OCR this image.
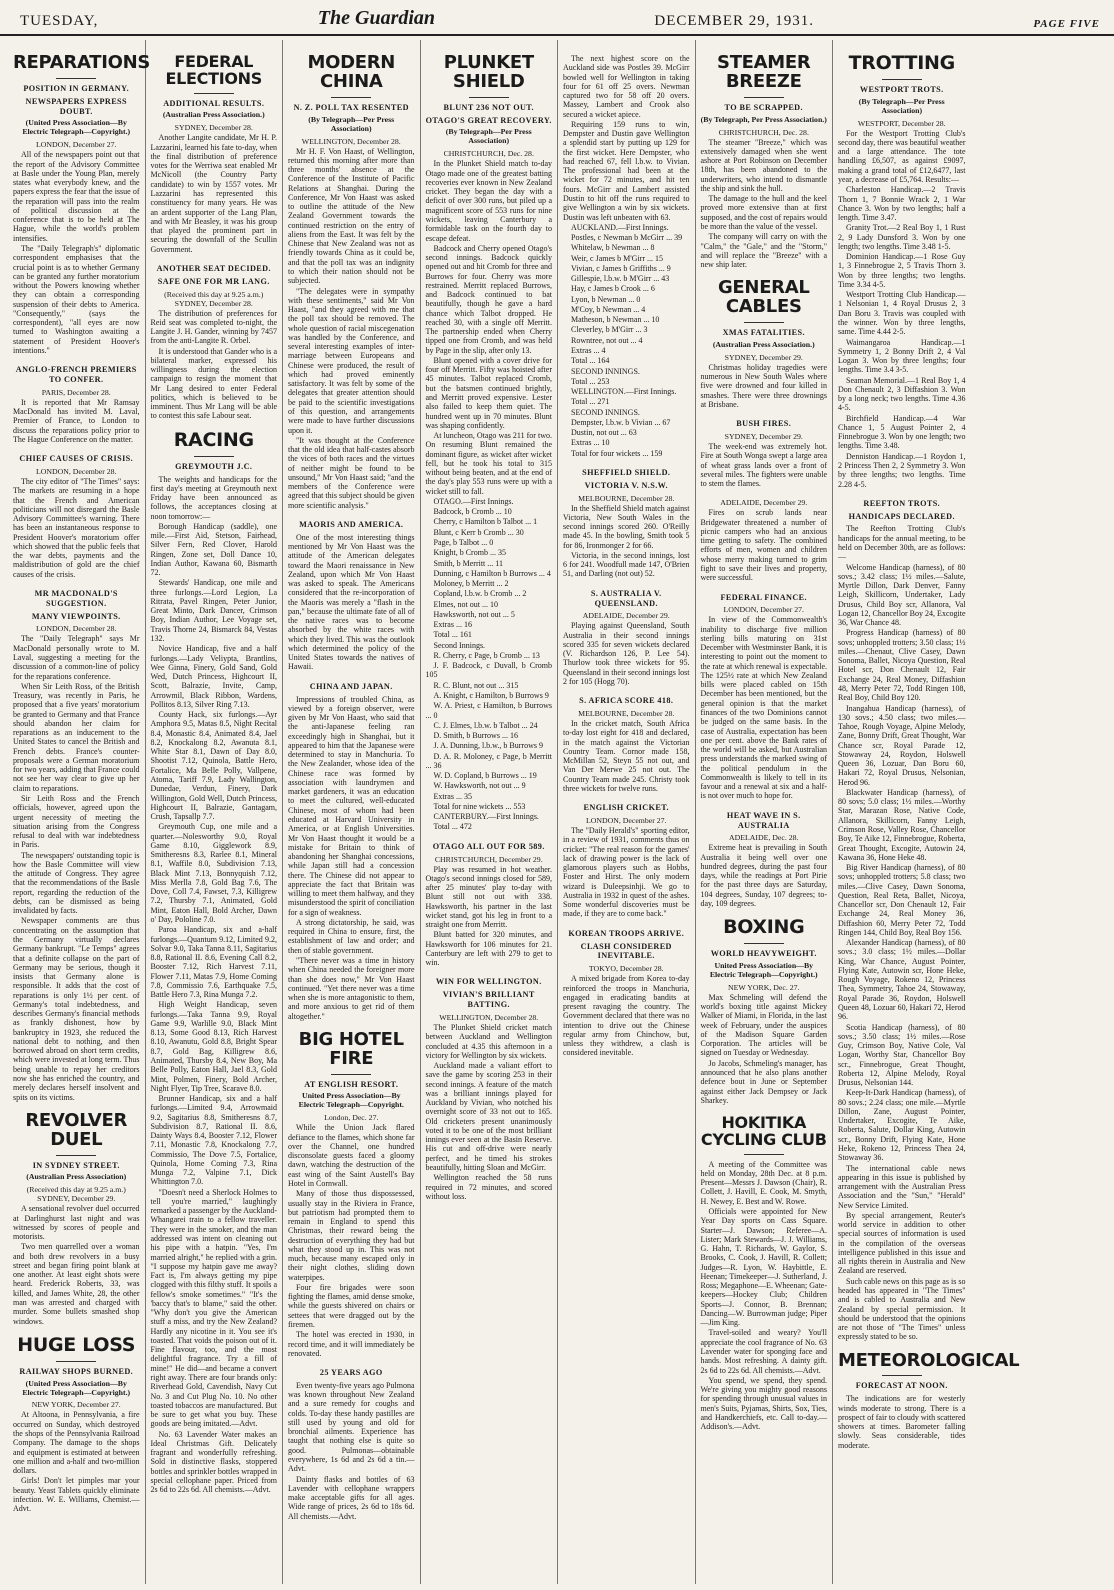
TUESDAY,	The Guardian	DECEMBER 29, 1931.	PAGE FIVE
REPARATIONS
POSITION IN GERMANY.
NEWSPAPERS EXPRESS DOUBT.
(United Press Association—By Electric Telegraph—Copyright.)
LONDON, December 27.

All of the newspapers point out that the report of the Advisory Committee at Basle under the Young Plan, merely states what everybody knew, and the papers express the fear that the issue of the reparation will pass into the realm of political discussion at the conference that is to be held at The Hague, while the world's problem intensifies.

The "Daily Telegraph's" diplomatic correspondent emphasises that the crucial point is as to whether Germany can be granted any further moratorium without the Powers knowing whether they can obtain a corresponding suspension of their debts to America. "Consequently," (says the correspondent), "all eyes are now turned to Washington awaiting a statement of President Hoover's intentions."

ANGLO-FRENCH PREMIERS TO CONFER.
PARIS, December 28.

It is reported that Mr Ramsay MacDonald has invited M. Laval, Premier of France, to London to discuss the reparations policy prior to The Hague Conference on the matter.

CHIEF CAUSES OF CRISIS.
LONDON, December 28.

The city editor of "The Times" says: The markets are resuming in a hope that the French and American politicians will not disregard the Basle Advisory Committee's warning. There has been an instantaneous response to President Hoover's moratorium offer which showed that the public feels that the war debts, payments and the maldistribution of gold are the chief causes of the crisis.

MR MACDONALD'S SUGGESTION.
MANY VIEWPOINTS.
LONDON, December 28.

The "Daily Telegraph" says Mr MacDonald personally wrote to M. Laval, suggesting a meeting for the discussion of a common-line of policy for the reparations conference.

When Sir Leith Ross, of the British Treasury, was recently in Paris, he proposed that a five years' moratorium be granted to Germany and that France should abandon her claim for reparations as an inducement to the United States to cancel the British and French debts. France's counter-proposals were a German moratorium for two years, adding that France could not see her way clear to give up her claim to reparations.

Sir Leith Ross and the French officials, however, agreed upon the urgent necessity of meeting the situation arising from the Congress refusal to deal with war indebtedness in Paris.

The newspapers' outstanding topic is how the Basle Committee will view the attitude of Congress. They agree that the recommendations of the Basle report, regarding the reduction of the debts, can be dismissed as being invalidated by facts.

Newspaper comments are thus concentrating on the assumption that the Germany virtually declares Germany bankrupt. "Le Temps" agrees that a definite collapse on the part of Germany may be serious, though it insists that Germany alone is responsible. It adds that the cost of reparations is only 1½ per cent. of Germany's total indebtedness, and describes Germany's financial methods as frankly dishonest, how by bankruptcy in 1923, she reduced the national debt to nothing, and then borrowed abroad on short term credits, which were invested at long term. Thus being unable to repay her creditors now she has enriched the country, and merely declares herself insolvent and spits on its victims.

REVOLVER DUEL
IN SYDNEY STREET.
(Australian Press Association)
(Received this day at 9.25 a.m.) SYDNEY, December 29.

A sensational revolver duel occurred at Darlinghurst last night and was witnessed by scores of people and motorists.

Two men quarrelled over a woman and both drew revolvers in a busy street and began firing point blank at one another. At least eight shots were heard. Frederick Roberts, 33, was killed, and James White, 28, the other man was arrested and charged with murder. Some bullets smashed shop windows.

HUGE LOSS
RAILWAY SHOPS BURNED.
(United Press Association—By Electric Telegraph—Copyright.)
NEW YORK, December 27.

At Altoona, in Pennsylvania, a fire occurred on Sunday, which destroyed the shops of the Pennsylvania Railroad Company. The damage to the shops and equipment is estimated at between one million and a-half and two-million dollars.

Girls! Don't let pimples mar your beauty. Yeast Tablets quickly eliminate infection. W. E. Williams, Chemist.—Advt.

FEDERAL ELECTIONS
ADDITIONAL RESULTS.
(Australian Press Association.)
SYDNEY, December 28.

Another Langite candidate, Mr H. P. Lazzarini, learned his fate to-day, when the final distribution of preference votes for the Werriwa seat enabled Mr McNicoll (the Country Party candidate) to win by 1557 votes. Mr Lazzarini has represented this constituency for many years. He was an ardent supporter of the Lang Plan, and with Mr Beasley, it was his group that played the prominent part in securing the downfall of the Scullin Government.

ANOTHER SEAT DECIDED.
SAFE ONE FOR MR LANG.
(Received this day at 9.25 a.m.) SYDNEY, December 28.

The distribution of preferences for Reid seat was completed to-night, the Langite J. H. Gander, winning by 7457 from the anti-Langite R. Orbel.

It is understood that Gander who is a bilateral marker, expressed his willingness during the election campaign to resign the moment that Mr Lang desired to enter Federal politics, which is believed to be imminent. Thus Mr Lang will be able to contest this safe Labour seat.

RACING
GREYMOUTH J.C.

The weights and handicaps for the first day's meeting at Greymouth next Friday have been announced as follows, the acceptances closing at noon tomorrow:—

Borough Handicap (saddle), one mile.—First Aid, Stetson, Fairhead, Silver Fern, Red Clover, Harold Ringen, Zone set, Doll Dance 10, Indian Author, Kawana 60, Bismarth 72.

Stewards' Handicap, one mile and three furlongs.—Lord Legion, La Ritrata, Pavel Ringen, Peter Junior, Great Minto, Dark Dancer, Crimson Boy, Indian Author, Lee Voyage set, Travis Thorne 24, Bismarck 84, Vestas 132.

Novice Handicap, five and a half furlongs.—Lady Veliypta, Brantlins, Wee Ginna, Finery, Gold Sand, Gold Wed, Dutch Princess, Highcourt II, Scott, Balrazie, Invite, Camp, Arrowmil, Black Ribbon, Wardens, Pollitos 8.13, Silver Ring 7.13.

County Hack, six furlongs.—Ayr Amphora 9.5, Matas 8.5, Night Recital 8.4, Monastic 8.4, Animated 8.4, Jael 8.2, Knockalong 8.2, Awanuta 8.1, White Star 8.1, Dawn of Day 8.0, Shootist 7.12, Quinola, Battle Hero, Fortalice, Ma Belle Polly, Vallpene, Atoma, Tariff 7.9, Lady Wallington, Dunedae, Verdun, Finery, Dark Willington, Gold Well, Dutch Princess, Highcourt II, Balrazie, Gantagam, Crush, Tapsallp 7.7.

Greymouth Cup, one mile and a quarter.—Nolesworthy 9.0, Royal Game 8.10, Gigglework 8.9, Smitheresns 8.3, Rarlee 8.1, Mineral 8.1, Waffile 8.0, Subdivision 7.13, Black Mint 7.13, Bonnyquish 7.12, Miss Merlla 7.8, Gold Bag 7.6, The Dove, Coll 7.4, Fawset, 7.3, Killigrew 7.2, Thursby 7.1, Animated, Gold Mint, Eaton Hall, Bold Archer, Dawn o' Day, Pololine 7.0.

Paroa Handicap, six and a-half furlongs.—Quantum 9.12, Limited 9.2, Solvar 9.0, Taka Tanna 8.11, Sagitarius 8.8, Rational II. 8.6, Evening Call 8.2, Booster 7.12, Rich Harvest 7.11, Flower 7.11, Matas 7.9, Home Coming 7.8, Commissio 7.6, Earthquake 7.5, Battle Hero 7.3, Rina Munga 7.2.

High Weight Handicap, seven furlongs.—Taka Tanna 9.9, Royal Game 9.9, Warlille 9.0, Black Mint 8.13, Some Good 8.13, Rich Harvest 8.10, Awanutu, Gold 8.8, Bright Spear 8.7, Gold Bag, Killigrew 8.6, Animated, Thursby 8.4, New Boy, Ma Belle Polly, Eaton Hall, Jael 8.3, Gold Mint, Polmen, Finery, Bold Archer, Night Flyer, Tip Tree, Scarave 8.0.

Brunner Handicap, six and a half furlongs.—Limited 9.4, Arrowmaid 9.2, Sagitarius 8.8, Smitheresns 8.7, Subdivision 8.7, Rational II. 8.6, Dainty Ways 8.4, Booster 7.12, Flower 7.11, Monastic 7.8, Knockalong 7.7, Commissio, The Dove 7.5, Fortalice, Quinola, Home Coming 7.3, Rina Munga 7.2, Valpine 7.1, Dick Whittington 7.0.

"Doesn't need a Sherlock Holmes to tell you're married," laughingly remarked a passenger by the Auckland-Whangarei train to a fellow traveller. They were in the smoker, and the man addressed was intent on cleaning out his pipe with a hatpin. "Yes, I'm married alright," he replied with a grin. "I suppose my hatpin gave me away? Fact is, I'm always getting my pipe clogged with this filthy stuff. It spoils a fellow's smoke sometimes." "It's the 'baccy that's to blame," said the other. "Why don't you give the American stuff a miss, and try the New Zealand? Hardly any nicotine in it. You see it's toasted. That voids the poison out of it. Fine flavour, too, and the most delightful fragrance. Try a fill of mine!" He did—and became a convert right away. There are four brands only: Riverhead Gold, Cavendish, Navy Cut No. 3 and Cut Plug No. 10. No other toasted tobaccos are manufactured. But be sure to get what you buy. These goods are being imitated.—Advt.

No. 63 Lavender Water makes an Ideal Christmas Gift. Delicately fragrant and wonderfully refreshing. Sold in distinctive flasks, stoppered bottles and sprinkler bottles wrapped in special cellophane paper. Priced from 2s 6d to 22s 6d. All chemists.—Advt.

MODERN CHINA
N. Z. POLL TAX RESENTED
(By Telegraph—Per Press Association)
WELLINGTON, December 28.

Mr H. F. Von Haast, of Wellington, returned this morning after more than three months' absence at the Conference of the Institute of Pacific Relations at Shanghai. During the Conference, Mr Von Haast was asked to outline the attitude of the New Zealand Government towards the continued restriction on the entry of aliens from the East. It was felt by the Chinese that New Zealand was not as friendly towards China as it could be, and that the poll tax was an indignity to which their nation should not be subjected.

"The delegates were in sympathy with these sentiments," said Mr Von Haast, "and they agreed with me that the poll tax should be removed. The whole question of racial miscegenation was handled by the Conference, and several interesting examples of inter-marriage between Europeans and Chinese were produced, the result of which had proved eminently satisfactory. It was felt by some of the delegates that greater attention should be paid to the scientific investigations of this question, and arrangements were made to have further discussions upon it.

"It was thought at the Conference that the old idea that half-castes absorb the vices of both races and the virtues of neither might be found to be unsound," Mr Von Haast said; "and the members of the Conference were agreed that this subject should be given more scientific analysis."

MAORIS AND AMERICA.

One of the most interesting things mentioned by Mr Von Haast was the attitude of the American delegates toward the Maori renaissance in New Zealand, upon which Mr Von Haast was asked to speak. The Americans considered that the re-incorporation of the Maoris was merely a "flash in the pan," because the ultimate fate of all of the native races was to become absorbed by the white races with which they lived. This was the outlook which determined the policy of the United States towards the natives of Hawaii.

CHINA AND JAPAN.

Impressions of troubled China, as viewed by a foreign observer, were given by Mr Von Haast, who said that the anti-Japanese feeling ran exceedingly high in Shanghai, but it appeared to him that the Japanese were determined to stay in Manchuria. To the New Zealander, whose idea of the Chinese race was formed by association with laundrymen and market gardeners, it was an education to meet the cultured, well-educated Chinese, most of whom had been educated at Harvard University in America, or at English Universities. Mr Von Haast thought it would be a mistake for Britain to think of abandoning her Shanghai concessions, while Japan still had a concession there. The Chinese did not appear to appreciate the fact that Britain was willing to meet them halfway, and they misunderstood the spirit of conciliation for a sign of weakness.

A strong dictatorship, he said, was required in China to ensure, first, the establishment of law and order; and then of stable government.

"There never was a time in history when China needed the foreigner more than she does now," Mr Von Haast continued. "Yet there never was a time when she is more antagonistic to them, and more anxious to get rid of them altogether."

BIG HOTEL FIRE
AT ENGLISH RESORT.
United Press Association—By Electric Telegraph—Copyright.
London, Dec. 27.

While the Union Jack flared defiance to the flames, which shone far over the Channel, one hundred disconsolate guests faced a gloomy dawn, watching the destruction of the east wing of the Saint Austell's Bay Hotel in Cornwall.

Many of those thus dispossessed, usually stay in the Riviera in France, but patriotism had prompted them to remain in England to spend this Christmas, their reward being the destruction of everything they had but what they stood up in. This was not much, because many escaped only in their night clothes, sliding down waterpipes.

Four fire brigades were soon fighting the flames, amid dense smoke, while the guests shivered on chairs or settees that were dragged out by the firemen.

The hotel was erected in 1930, in record time, and it will immediately be renovated.

25 YEARS AGO

Even twenty-five years ago Pulmona was known throughout New Zealand and a sure remedy for coughs and colds. To-day these handy pastilles are still used by young and old for bronchial ailments. Experience has taught that nothing else is quite so good. Pulmonas—obtainable everywhere, 1s 6d and 2s 6d a tin.—Advt.

Dainty flasks and bottles of 63 Lavender with cellophane wrappers make acceptable gifts for all ages. Wide range of prices, 2s 6d to 18s 6d. All chemists.—Advt.

PLUNKET SHIELD
BLUNT 236 NOT OUT.
OTAGO'S GREAT RECOVERY.
(By Telegraph—Per Press Association)
CHRISTCHURCH, Dec. 28.

In the Plunket Shield match to-day Otago made one of the greatest batting recoveries ever known in New Zealand cricket. They began the day with a deficit of over 300 runs, but piled up a magnificent score of 553 runs for nine wickets, leaving Canterbury a formidable task on the fourth day to escape defeat.

Badcock and Cherry opened Otago's second innings. Badcock quickly opened out and hit Cromb for three and Burrows for four. Cherry was more restrained. Merritt replaced Burrows, and Badcock continued to bat beautifully, though he gave a hard chance which Talbot dropped. He reached 30, with a single off Merritt. The partnership ended when Cherry tipped one from Cromb, and was held by Page in the slip, after only 13.

Blunt opened with a cover drive for four off Merritt. Fifty was hoisted after 45 minutes. Talbot replaced Cromb, but the batsmen continued brightly, and Merritt proved expensive. Lester also failed to keep them quiet. The hundred went up in 70 minutes. Blunt was shaping confidently.

At luncheon, Otago was 211 for two. On resuming Blunt remained the dominant figure, as wicket after wicket fell, but he took his total to 315 without being beaten, and at the end of the day's play 553 runs were up with a wicket still to fall.

OTAGO.—First Innings.

Badcock, b Cromb ... 10

Cherry, c Hamilton b Talbot ... 1

Blunt, c Kerr b Cromb ... 30

Page, b Talbot ... 0

Knight, b Cromb ... 35

Smith, b Merritt ... 11

Dunning, c Hamilton b Burrows ... 4

Moloney, b Merritt ... 2

Copland, l.b.w. b Cromb ... 2

Elmes, not out ... 10

Hawksworth, not out ... 5

Extras ... 16

Total ... 161

Second Innings.

R. Cherry, c Page, b Cromb ... 13

J. F. Badcock, c Duvall, b Cromb 105

R. C. Blunt, not out ... 315

A. Knight, c Hamilton, b Burrows 9

W. A. Priest, c Hamilton, b Burrows ... 0

C. J. Elmes, l.b.w. b Talbot ... 24

D. Smith, b Burrows ... 16

J. A. Dunning, l.b.w., b Burrows 9

D. A. R. Moloney, c Page, b Merritt ... 36

W. D. Copland, b Burrows ... 19

W. Hawksworth, not out ... 9

Extras ... 35

Total for nine wickets ... 553

CANTERBURY.—First Innings.

Total ... 472

OTAGO ALL OUT FOR 589.
CHRISTCHURCH, December 29.

Play was resumed in hot weather. Otago's second innings closed for 589, after 25 minutes' play to-day with Blunt still not out with 338. Hawksworth, his partner in the last wicket stand, got his leg in front to a straight one from Merritt.

Blunt batted for 320 minutes, and Hawksworth for 106 minutes for 21. Canterbury are left with 279 to get to win.

WIN FOR WELLINGTON.
VIVIAN'S BRILLIANT BATTING.
WELLINGTON, December 28.

The Plunket Shield cricket match between Auckland and Wellington concluded at 4.35 this afternoon in a victory for Wellington by six wickets.

Auckland made a valiant effort to save the game by scoring 253 in their second innings. A feature of the match was a brilliant innings played for Auckland by Vivian, who notched his overnight score of 33 not out to 165. Old cricketers present unanimously voted it to be one of the most brilliant innings ever seen at the Basin Reserve. His cut and off-drive were nearly perfect, and he timed his strokes beautifully, hitting Sloan and McGirr.

Wellington reached the 58 runs required in 72 minutes, and scored without loss.

The next highest score on the Auckland side was Postles 39. McGirr bowled well for Wellington in taking four for 61 off 25 overs. Newman captured two for 58 off 20 overs. Massey, Lambert and Crook also secured a wicket apiece.

Requiring 159 runs to win, Dempster and Dustin gave Wellington a splendid start by putting up 129 for the first wicket. Here Dempster, who had reached 67, fell l.b.w. to Vivian. The professional had been at the wicket for 72 minutes, and hit ten fours. McGirr and Lambert assisted Dustin to hit off the runs required to give Wellington a win by six wickets. Dustin was left unbeaten with 63.

AUCKLAND.—First Innings.

Postles, c Newman b McGirr ... 39

Whitelaw, b Newman ... 8

Weir, c James b M'Girr ... 15

Vivian, c James b Griffiths ... 9

Gillespie, l.b.w. b M'Girr ... 43

Hay, c James b Crook ... 6

Lyon, b Newman ... 0

M'Coy, b Newman ... 4

Matheson, b Newman ... 10

Cleverley, b M'Girr ... 3

Rowntree, not out ... 4

Extras ... 4

Total ... 164

SECOND INNINGS.

Total ... 253

WELLINGTON.—First Innings.

Total ... 271

SECOND INNINGS.

Dempster, l.b.w. b Vivian ... 67

Dustin, not out ... 63

Extras ... 10

Total for four wickets ... 159

SHEFFIELD SHIELD.
VICTORIA V. N.S.W.
MELBOURNE, December 28.

In the Sheffield Shield match against Victoria, New South Wales in the second innings scored 260. O'Reilly made 45. In the bowling, Smith took 5 for 86, Ironmonger 2 for 66.

Victoria, in the second innings, lost 6 for 241. Woodfull made 147, O'Brien 51, and Darling (not out) 52.

S. AUSTRALIA V. QUEENSLAND.
ADELAIDE, December 29.

Playing against Queensland, South Australia in their second innings scored 335 for seven wickets declared (V. Richardson 126, P. Lee 54). Thurlow took three wickets for 95. Queensland in their second innings lost 2 for 105 (Hogg 70).

S. AFRICA SCORE 418.
MELBOURNE, December 28.

In the cricket match, South Africa to-day lost eight for 418 and declared, in the match against the Victorian Country Team. Cornor made 158, McMillan 52, Steyn 55 not out, and Van Der Merwe 25 not out. The Country Team made 245. Christy took three wickets for twelve runs.

ENGLISH CRICKET.
LONDON, December 27.

The "Daily Herald's" sporting editor, in a review of 1931, comments thus on cricket: "The real reason for the games' lack of drawing power is the lack of glamorous players such as Hobbs, Foster and Hirst. The only modern wizard is Duleepsinhji. We go to Australia in 1932 in quest of the ashes. Some wonderful discoveries must be made, if they are to come back."

KOREAN TROOPS ARRIVE.
CLASH CONSIDERED INEVITABLE.
TOKYO, December 28.

A mixed brigade from Korea to-day reinforced the troops in Manchuria, engaged in eradicating bandits at present ravaging the country. The Government declared that there was no intention to drive out the Chinese regular army from Chinchow, but, unless they withdrew, a clash is considered inevitable.

STEAMER BREEZE
TO BE SCRAPPED.
(By Telegraph, Per Press Association.)
CHRISTCHURCH, Dec. 28.

The steamer "Breeze," which was extensively damaged when she went ashore at Port Robinson on December 18th, has been abandoned to the underwriters, who intend to dismantle the ship and sink the hull.

The damage to the hull and the keel proved more extensive than at first supposed, and the cost of repairs would be more than the value of the vessel.

The company will carry on with the "Calm," the "Gale," and the "Storm," and will replace the "Breeze" with a new ship later.

GENERAL CABLES
XMAS FATALITIES.
(Australian Press Association.)
SYDNEY, December 29.

Christmas holiday tragedies were numerous in New South Wales where five were drowned and four killed in smashes. There were three drownings at Brisbane.

BUSH FIRES.
SYDNEY, December 29.

The week-end was extremely hot. Fire at South Wonga swept a large area of wheat grass lands over a front of several miles. The fighters were unable to stem the flames.

ADELAIDE, December 29.

Fires on scrub lands near Bridgewater threatened a number of picnic campers who had an anxious time getting to safety. The combined efforts of men, women and children whose merry making turned to grim fight to save their lives and property, were successful.

FEDERAL FINANCE.
LONDON, December 27.

In view of the Commonwealth's inability to discharge five million sterling bills maturing on 31st December with Westminster Bank, it is interesting to point out the moment to the rate at which renewal is expectable. The 125½ rate at which New Zealand bills were placed cabled on 15th December has been mentioned, but the general opinion is that the market finances of the two Dominions cannot be judged on the same basis. In the case of Australia, expectation has been one per cent. above the Bank rates of the world will be asked, but Australian press understands the marked swing of the political pendulum in the Commonwealth is likely to tell in its favour and a renewal at six and a half-is not over much to hope for.

HEAT WAVE IN S. AUSTRALIA
ADELAIDE, Dec. 28.

Extreme heat is prevailing in South Australia it being well over one hundred degrees, during the past four days, while the readings at Port Pirie for the past three days are Saturday, 104 degrees, Sunday, 107 degrees; to-day, 109 degrees.

BOXING
WORLD HEAVYWEIGHT.
United Press Association—By Electric Telegraph—Copyright.)
NEW YORK, Dec. 27.

Max Schmeling will defend the world's boxing title against Mickey Walker of Miami, in Florida, in the last week of February, under the auspices of the Madison Square Garden Corporation. The articles will be signed on Tuesday or Wednesday.

Jo Jacobs, Schmeling's manager, has announced that he also plans another defence bout in June or September against either Jack Dempsey or Jack Sharkey.

HOKITIKA CYCLING CLUB

A meeting of the Committee was held on Monday, 28th Dec. at 8 p.m. Present—Messrs J. Dawson (Chair), R. Collett, J. Havill, E. Cook, M. Smyth, H. Newey, E. Best and W. Rowe.

Officials were appointed for New Year Day sports on Cass Square. Starter—J. Dawson; Referee—A. Lister; Mark Stewards—J. J. Williams, G. Hahn, T. Richards, W. Gaylor, S. Brooks, C. Cook, J. Havill, R. Collett; Judges—R. Lyon, W. Haybittle, E. Heenan; Timekeeper—J. Sutherland, J. Ross; Megaphone—E. Wheenan; Gate-keepers—Hockey Club; Children Sports—J. Connor, B. Brennan; Dancing—W. Burrowman judge; Piper—Jim King.

Travel-soiled and weary? You'll appreciate the cool fragrance of No. 63 Lavender water for sponging face and hands. Most refreshing. A dainty gift. 2s 6d to 22s 6d. All chemists.—Advt.

You spend, we spend, they spend. We're giving you mighty good reasons for spending through unusual values in men's Suits, Pyjamas, Shirts, Sox, Ties, and Handkerchiefs, etc. Call to-day.—Addison's.—Advt.

TROTTING
WESTPORT TROTS.
(By Telegraph—Per Press Association)
WESTPORT, December 28.

For the Westport Trotting Club's second day, there was beautiful weather and a large attendance. The tote handling £6,507, as against £9097, making a grand total of £12,6477, last year, a decrease of £5,764. Results:—

Charleston Handicap.—2 Travis Thorn 1, 7 Bonnie Wrack 2, 1 War Chance 3. Won by two lengths; half a length. Time 3.47.

Granity Trot.—2 Real Boy 1, 1 Rust 2, 9 Lady Dunsford 3. Won by one length; two lengths. Time 3.48 1-5.

Dominion Handicap.—1 Rose Guy 1, 3 Finnebrogue 2, 5 Travis Thorn 3. Won by three lengths; two lengths. Time 3.34 4-5.

Westport Trotting Club Handicap.—1 Nelsonian 1, 4 Royal Drusus 2, 3 Dan Boru 3. Travis was coupled with the winner. Won by three lengths, same. Time 4.44 2-5.

Waimangaroa Handicap.—1 Symmetry 1, 2 Bonny Drift 2, 4 Val Logan 3. Won by three lengths; four lengths. Time 3.4 3-5.

Seaman Memorial.—1 Real Boy 1, 4 Don Chenault 2, 3 Diffashion 3. Won by a long neck; two lengths. Time 4.36 4-5.

Birchfield Handicap.—4 War Chance 1, 5 August Pointer 2, 4 Finnebrogue 3. Won by one length; two lengths. Time 3.48.

Denniston Handicap.—1 Roydon 1, 2 Princess Then 2, 2 Symmetry 3. Won by three lengths; two lengths. Time 2.28 4-5.

REEFTON TROTS.
HANDICAPS DECLARED.

The Reefton Trotting Club's handicaps for the annual meeting, to be held on December 30th, are as follows:—

Welcome Handicap (harness), of 80 sovs.; 3.42 class; 1½ miles.—Salute, Myrtle Dillon, Dark Denver, Fanny Leigh, Skillicorn, Undertaker, Lady Drusus, Child Boy scr, Allanora, Val Logan 12, Chancellor Boy 24, Excogite 36, War Chance 48.

Progress Handicap (harness) of 80 sovs; unhoppled trotters; 3.50 class; 1½ miles.—Chenaut, Clive Casey, Dawn Sonoma, Ballet, Nicoya Question, Real Hotel scr, Don Chenault 12, Fair Exchange 24, Real Money, Diffashion 48, Merry Peter 72, Todd Ringen 108, Real Boy, Child Boy 120.

Inangahua Handicap (harness), of 130 sovs.; 4.50 class; two miles.—Tahoe, Rough Voyage, Alpine Melody, Zane, Bonny Drift, Great Thought, War Chance scr, Royal Parade 12, Stowaway 24, Roydon, Holswell Queen 36, Lozuar, Dan Boru 60, Hakari 72, Royal Drusus, Nelsonian, Herod 96.

Blackwater Handicap (harness), of 80 sovs; 5.0 class; 1½ miles.—Worthy Star, Marazan Rose, Native Code, Allanora, Skillicorn, Fanny Leigh, Crimson Rose, Valley Rose, Chancellor Boy, Te Aike 12, Finnebrogue, Roberta, Great Thought, Excogite, Autowin 24, Kawana 36, Hone Heke 48.

Big River Handicap (harness), of 80 sovs; unhoppled trotters; 5.8 class; two miles.—Clive Casey, Dawn Sonoma, Question, Real Reta, Ballet, Nicoya, Chancellor scr, Don Chenault 12, Fair Exchange 24, Real Money 36, Diffashion 60, Merry Peter 72, Todd Ringen 144, Child Boy, Real Boy 156.

Alexander Handicap (harness), of 80 sovs.; 3.0 class; 1½ miles.—Dollar King, War Chance, August Pointer, Flying Kate, Autowin scr, Hone Heke, Rough Voyage, Rokeno 12, Princess Thea, Symmetry, Tahoe 24, Stowaway, Royal Parade 36, Roydon, Holswell Queen 48, Lozuar 60, Hakari 72, Herod 96.

Scotia Handicap (harness), of 80 sovs.; 3.50 class; 1½ miles.—Rose Guy, Crimson Boy, Native Cole, Val Logan, Worthy Star, Chancellor Boy scr., Finnebrogue, Great Thought, Roberta 12, Alpine Melody, Royal Drusus, Nelsonian 144.

Keep-It-Dark Handicap (harness), of 80 sovs.; 2.24 class; one mile.—Myrtle Dillon, Zane, August Pointer, Undertaker, Excogite, Te Aike, Roberta, Salute, Dollar King, Autowin scr., Bonny Drift, Flying Kate, Hone Heke, Rokeno 12, Princess Thea 24, Stowaway 36.

The international cable news appearing in this issue is published by arrangement with the Australian Press Association and the "Sun," "Herald" New Service Limited.

By special arrangement, Reuter's world service in addition to other special sources of information is used in the compilation of the overseas intelligence published in this issue and all rights therein in Australia and New Zealand are reserved.

Such cable news on this page as is so headed has appeared in "The Times" and is cabled to Australia and New Zealand by special permission. It should be understood that the opinions are not those of "The Times" unless expressly stated to be so.

METEOROLOGICAL
FORECAST AT NOON.

The indications are for westerly winds moderate to strong. There is a prospect of fair to cloudy with scattered showers at times. Barometer falling slowly. Seas considerable, tides moderate.
